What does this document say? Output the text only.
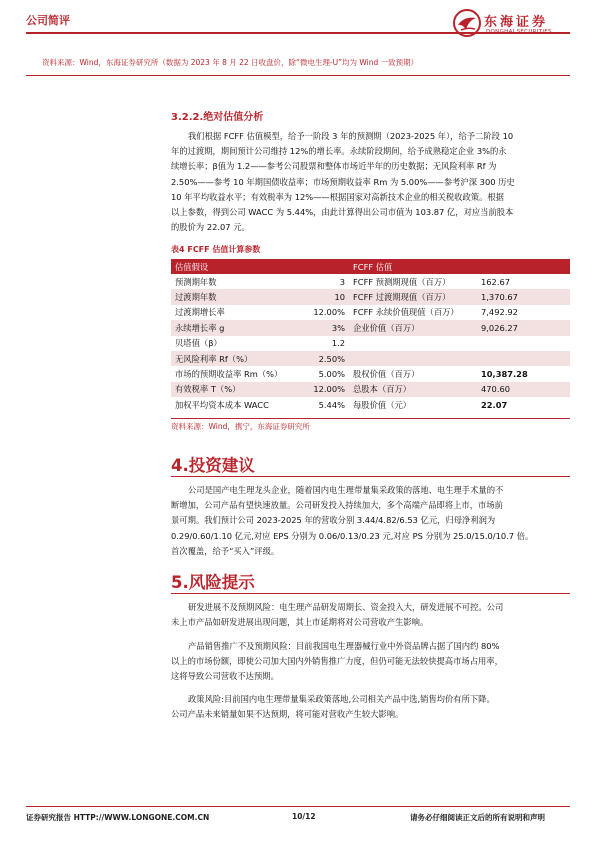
公司简评	东海证券
资料来源：Wind，东海证券研究所（数据为 2023 年 8 月 22 日收盘价，除“微电生理-U”均为 Wind 一致预期）
3.2.2.绝对估值分析
我们根据 FCFF 估值模型，给予一阶段 3 年的预测期（2023-2025 年），给予二阶段 10
年的过渡期，期间预计公司维持 12%的增长率。永续阶段期间，给予成熟稳定企业 3%的永
续增长率；β值为 1.2——参考公司股票和整体市场近半年的历史数据；无风险利率 Rf 为
2.50%——参考 10 年期国债收益率；市场预期收益率 Rm 为 5.00%——参考沪深 300 历史
10 年平均收益水平；有效税率为 12%——根据国家对高新技术企业的相关税收政策。根据
以上参数，得到公司 WACC 为 5.44%，由此计算得出公司市值为 103.87 亿，对应当前股本
的股价为 22.07 元。
表4 FCFF 估值计算参数
估值假设		FCFF 估值	
预测期年数	3	FCFF 预测期现值（百万）	162.67
过渡期年数	10	FCFF 过渡期现值（百万）	1,370.67
过渡期增长率	12.00%	FCFF 永续价值现值（百万）	7,492.92
永续增长率 g	3%	企业价值（百万）	9,026.27
贝塔值（β）	1.2		
无风险利率 Rf（%）	2.50%		
市场的预期收益率 Rm（%）	5.00%	股权价值（百万）	10,387.28
有效税率 T（%）	12.00%	总股本（百万）	470.60
加权平均资本成本 WACC	5.44%	每股价值（元）	22.07
资料来源：Wind，携宁，东海证券研究所
4.投资建议
公司是国产电生理龙头企业，随着国内电生理带量集采政策的落地、电生理手术量的不
断增加，公司产品有望快速放量。公司研发投入持续加大，多个高端产品即将上市，市场前
景可期。我们预计公司 2023-2025 年的营收分别 3.44/4.82/6.53 亿元，归母净利润为
0.29/0.60/1.10 亿元,对应 EPS 分别为 0.06/0.13/0.23 元,对应 PS 分别为 25.0/15.0/10.7 倍。
首次覆盖，给予“买入”评级。
5.风险提示
研发进展不及预期风险：电生理产品研发周期长、资金投入大，研发进展不可控。公司
未上市产品如研发进展出现问题，其上市延期将对公司营收产生影响。
产品销售推广不及预期风险：目前我国电生理器械行业中外资品牌占据了国内约 80%
以上的市场份额，即使公司加大国内外销售推广力度，但仍可能无法较快提高市场占用率，
这将导致公司营收不达预期。
政策风险:目前国内电生理带量集采政策落地,公司相关产品中选,销售均价有所下降。
公司产品未来销量如果不达预期，将可能对营收产生较大影响。
证券研究报告 HTTP://WWW.LONGONE.COM.CN	10/12	请务必仔细阅读正文后的所有说明和声明
